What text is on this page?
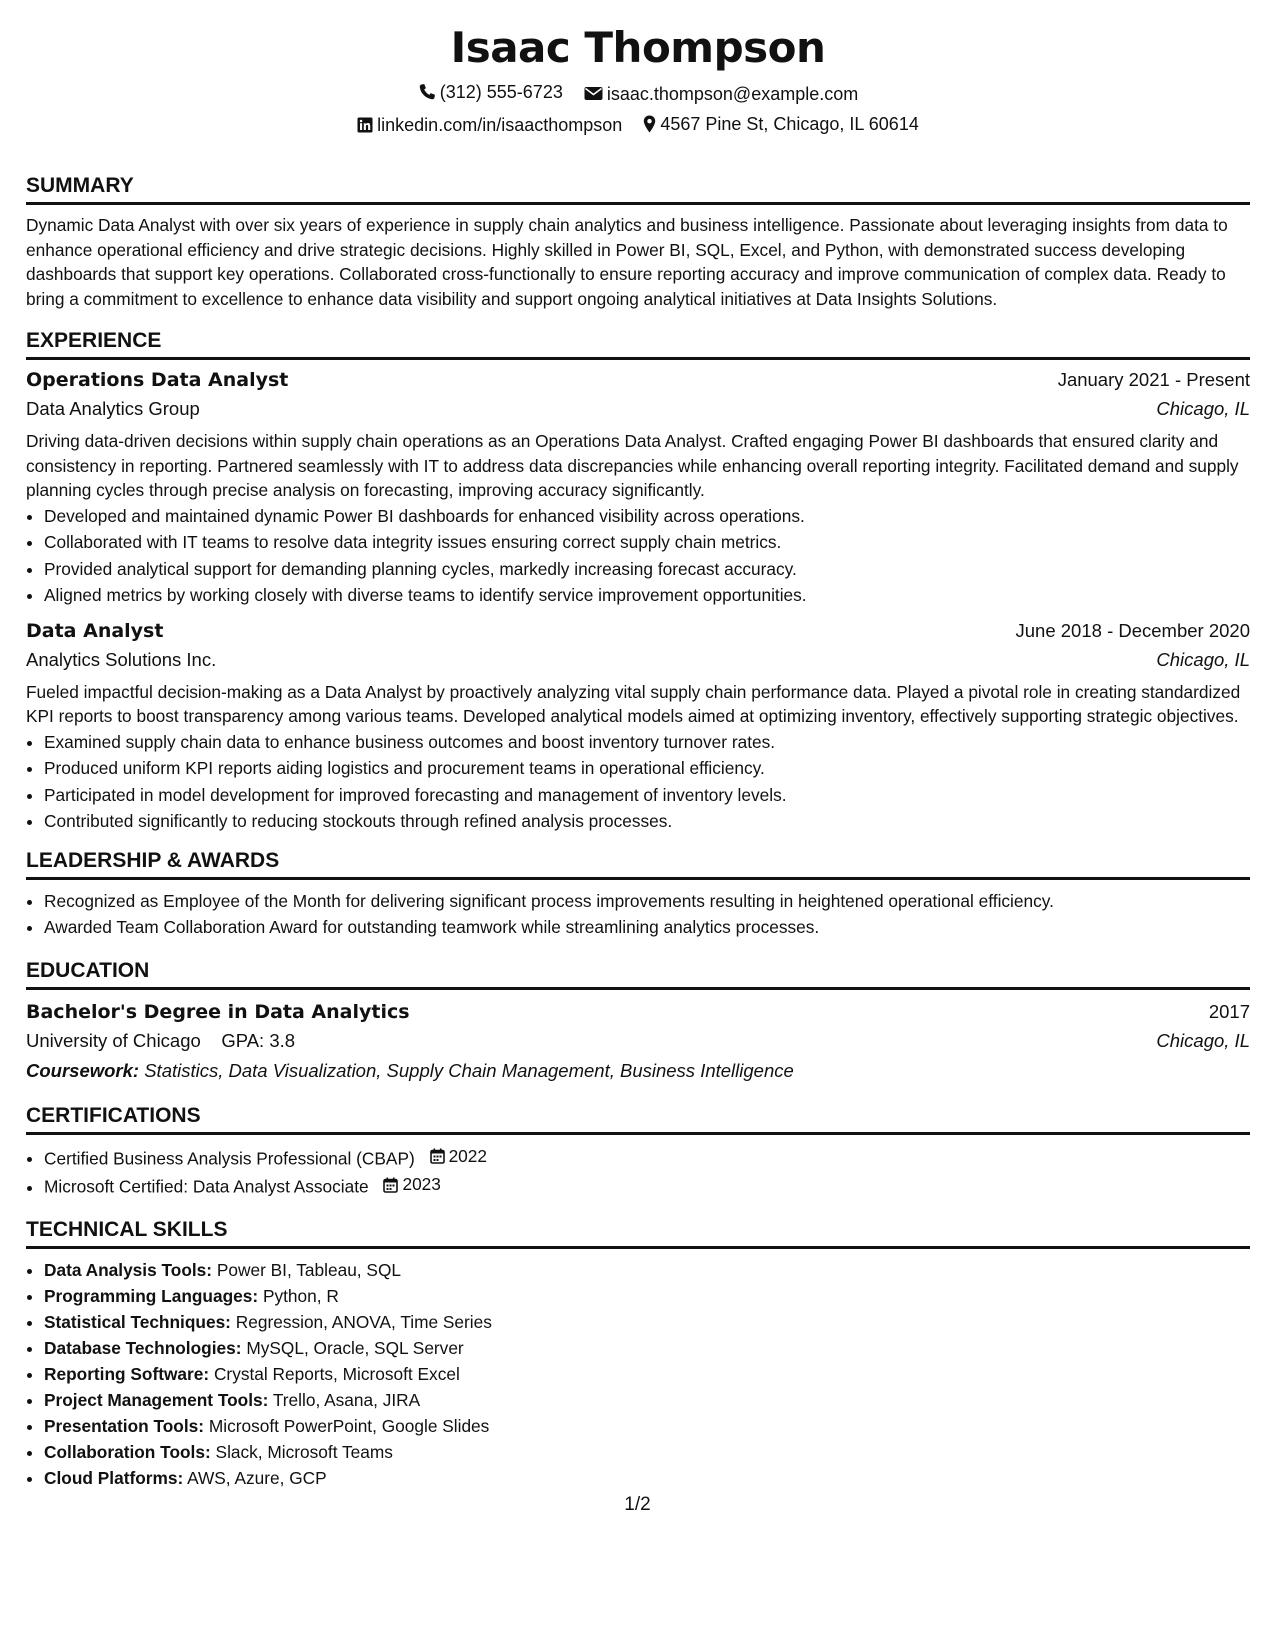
Isaac Thompson
(312) 555-6723
isaac.thompson@example.com
linkedin.com/in/isaacthompson
4567 Pine St, Chicago, IL 60614
SUMMARY
Dynamic Data Analyst with over six years of experience in supply chain analytics and business intelligence. Passionate about leveraging insights from data to enhance operational efficiency and drive strategic decisions. Highly skilled in Power BI, SQL, Excel, and Python, with demonstrated success developing dashboards that support key operations. Collaborated cross-functionally to ensure reporting accuracy and improve communication of complex data. Ready to bring a commitment to excellence to enhance data visibility and support ongoing analytical initiatives at Data Insights Solutions.
EXPERIENCE
Operations Data Analyst	January 2021 - Present
Data Analytics Group	Chicago, IL
Driving data-driven decisions within supply chain operations as an Operations Data Analyst. Crafted engaging Power BI dashboards that ensured clarity and consistency in reporting. Partnered seamlessly with IT to address data discrepancies while enhancing overall reporting integrity. Facilitated demand and supply planning cycles through precise analysis on forecasting, improving accuracy significantly.
• Developed and maintained dynamic Power BI dashboards for enhanced visibility across operations.
• Collaborated with IT teams to resolve data integrity issues ensuring correct supply chain metrics.
• Provided analytical support for demanding planning cycles, markedly increasing forecast accuracy.
• Aligned metrics by working closely with diverse teams to identify service improvement opportunities.
Data Analyst	June 2018 - December 2020
Analytics Solutions Inc.	Chicago, IL
Fueled impactful decision-making as a Data Analyst by proactively analyzing vital supply chain performance data. Played a pivotal role in creating standardized KPI reports to boost transparency among various teams. Developed analytical models aimed at optimizing inventory, effectively supporting strategic objectives.
• Examined supply chain data to enhance business outcomes and boost inventory turnover rates.
• Produced uniform KPI reports aiding logistics and procurement teams in operational efficiency.
• Participated in model development for improved forecasting and management of inventory levels.
• Contributed significantly to reducing stockouts through refined analysis processes.
LEADERSHIP & AWARDS
• Recognized as Employee of the Month for delivering significant process improvements resulting in heightened operational efficiency.
• Awarded Team Collaboration Award for outstanding teamwork while streamlining analytics processes.
EDUCATION
Bachelor's Degree in Data Analytics	2017
University of Chicago GPA: 3.8	Chicago, IL
Coursework: Statistics, Data Visualization, Supply Chain Management, Business Intelligence
CERTIFICATIONS
• Certified Business Analysis Professional (CBAP) 2022
• Microsoft Certified: Data Analyst Associate 2023
TECHNICAL SKILLS
• Data Analysis Tools: Power BI, Tableau, SQL
• Programming Languages: Python, R
• Statistical Techniques: Regression, ANOVA, Time Series
• Database Technologies: MySQL, Oracle, SQL Server
• Reporting Software: Crystal Reports, Microsoft Excel
• Project Management Tools: Trello, Asana, JIRA
• Presentation Tools: Microsoft PowerPoint, Google Slides
• Collaboration Tools: Slack, Microsoft Teams
• Cloud Platforms: AWS, Azure, GCP
1/2
